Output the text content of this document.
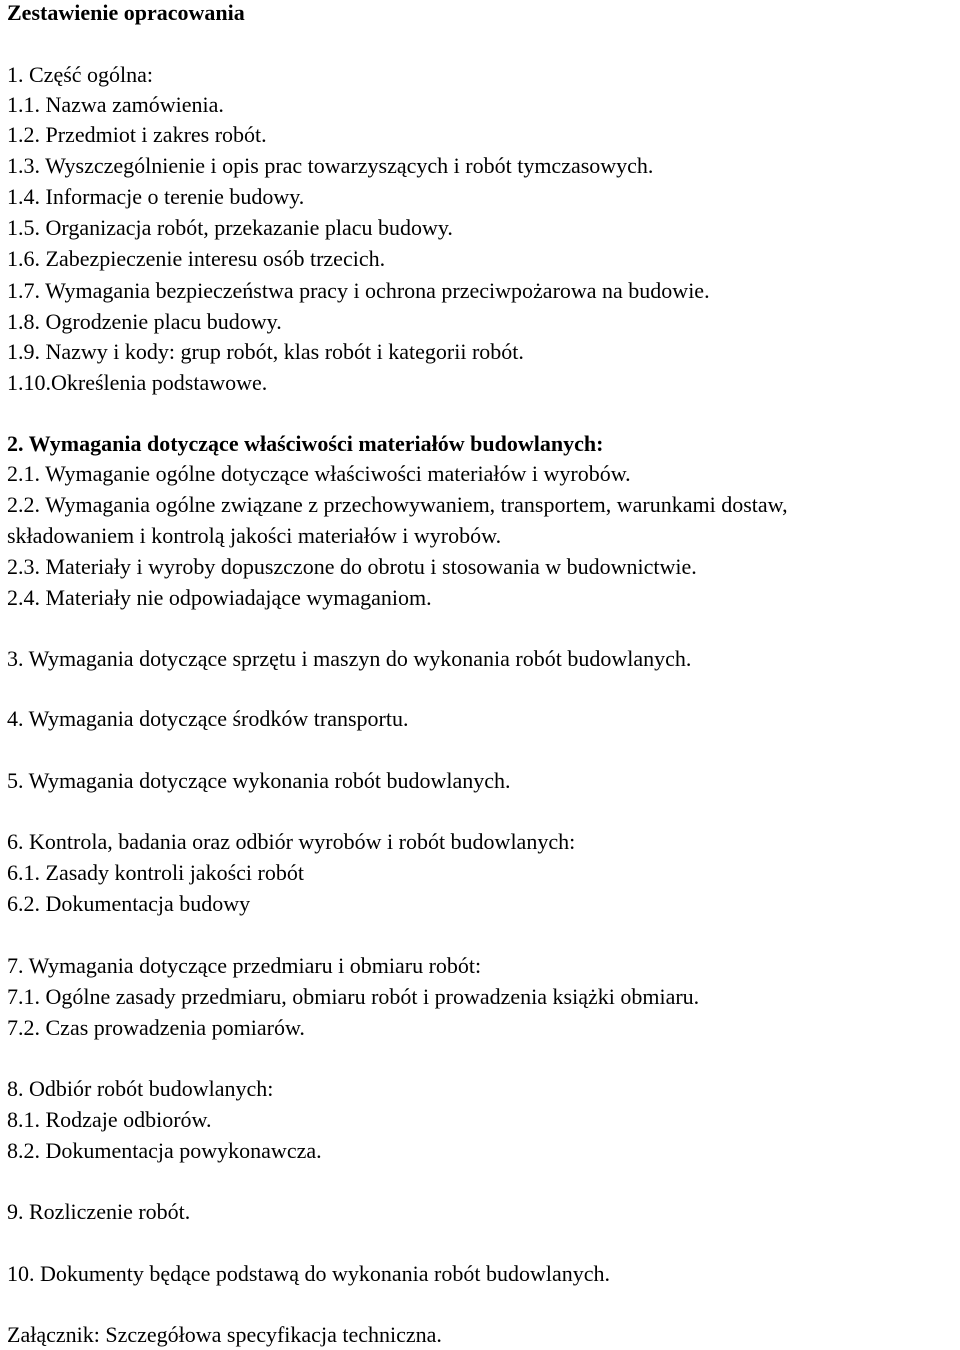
Zestawienie opracowania
1. Część ogólna:
1.1. Nazwa zamówienia.
1.2. Przedmiot i zakres robót.
1.3. Wyszczególnienie i opis prac towarzyszących i robót tymczasowych.
1.4. Informacje o terenie budowy.
1.5. Organizacja robót, przekazanie placu budowy.
1.6. Zabezpieczenie interesu osób trzecich.
1.7. Wymagania bezpieczeństwa pracy i ochrona przeciwpożarowa na budowie.
1.8. Ogrodzenie placu budowy.
1.9. Nazwy i kody: grup robót, klas robót i kategorii robót.
1.10.Określenia podstawowe.
2. Wymagania dotyczące właściwości materiałów budowlanych:
2.1. Wymaganie ogólne dotyczące właściwości materiałów i wyrobów.
2.2. Wymagania ogólne związane z przechowywaniem, transportem, warunkami dostaw,
składowaniem i kontrolą jakości materiałów i wyrobów.
2.3. Materiały i wyroby dopuszczone do obrotu i stosowania w budownictwie.
2.4. Materiały nie odpowiadające wymaganiom.
3. Wymagania dotyczące sprzętu i maszyn do wykonania robót budowlanych.
4. Wymagania dotyczące środków transportu.
5. Wymagania dotyczące wykonania robót budowlanych.
6. Kontrola, badania oraz odbiór wyrobów i robót budowlanych:
6.1. Zasady kontroli jakości robót
6.2. Dokumentacja budowy
7. Wymagania dotyczące przedmiaru i obmiaru robót:
7.1. Ogólne zasady przedmiaru, obmiaru robót i prowadzenia książki obmiaru.
7.2. Czas prowadzenia pomiarów.
8. Odbiór robót budowlanych:
8.1. Rodzaje odbiorów.
8.2. Dokumentacja powykonawcza.
9. Rozliczenie robót.
10. Dokumenty będące podstawą do wykonania robót budowlanych.
Załącznik: Szczegółowa specyfikacja techniczna.
